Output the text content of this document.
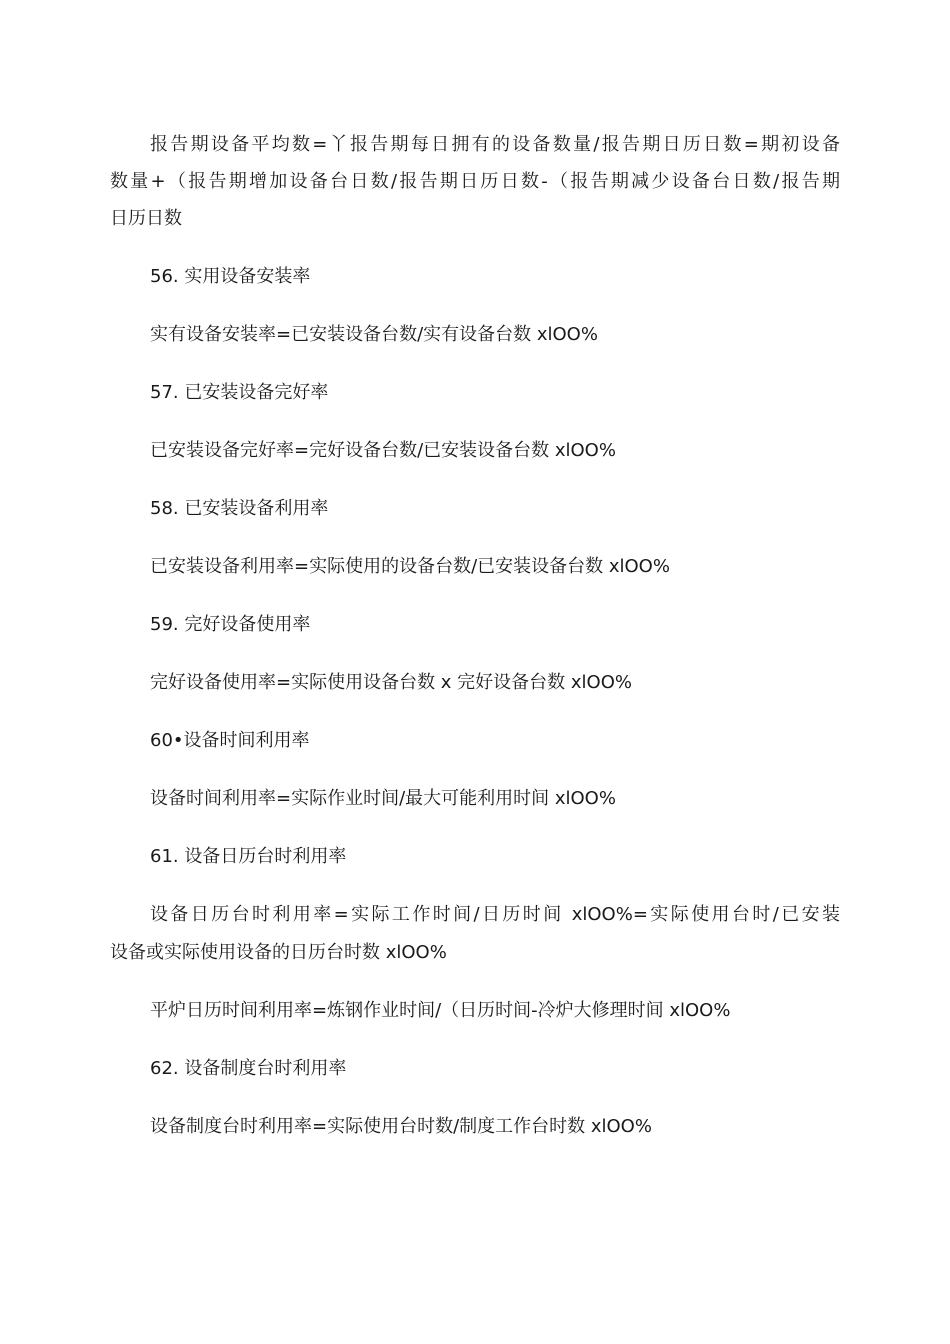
报告期设备平均数=丫报告期每日拥有的设备数量/报告期日历日数=期初设备
数量+（报告期增加设备台日数/报告期日历日数-（报告期减少设备台日数/报告期
日历日数
56. 实用设备安装率
实有设备安装率=已安装设备台数/实有设备台数 xlOO%
57. 已安装设备完好率
已安装设备完好率=完好设备台数/已安装设备台数 xlOO%
58. 已安装设备利用率
已安装设备利用率=实际使用的设备台数/已安装设备台数 xlOO%
59. 完好设备使用率
完好设备使用率=实际使用设备台数 x 完好设备台数 xlOO%
60•设备时间利用率
设备时间利用率=实际作业时间/最大可能利用时间 xlOO%
61. 设备日历台时利用率
设备日历台时利用率=实际工作时间/日历时间 xlOO%=实际使用台时/已安装
设备或实际使用设备的日历台时数 xlOO%
平炉日历时间利用率=炼钢作业时间/（日历时间-冷炉大修理时间 xlOO%
62. 设备制度台时利用率
设备制度台时利用率=实际使用台时数/制度工作台时数 xlOO%
